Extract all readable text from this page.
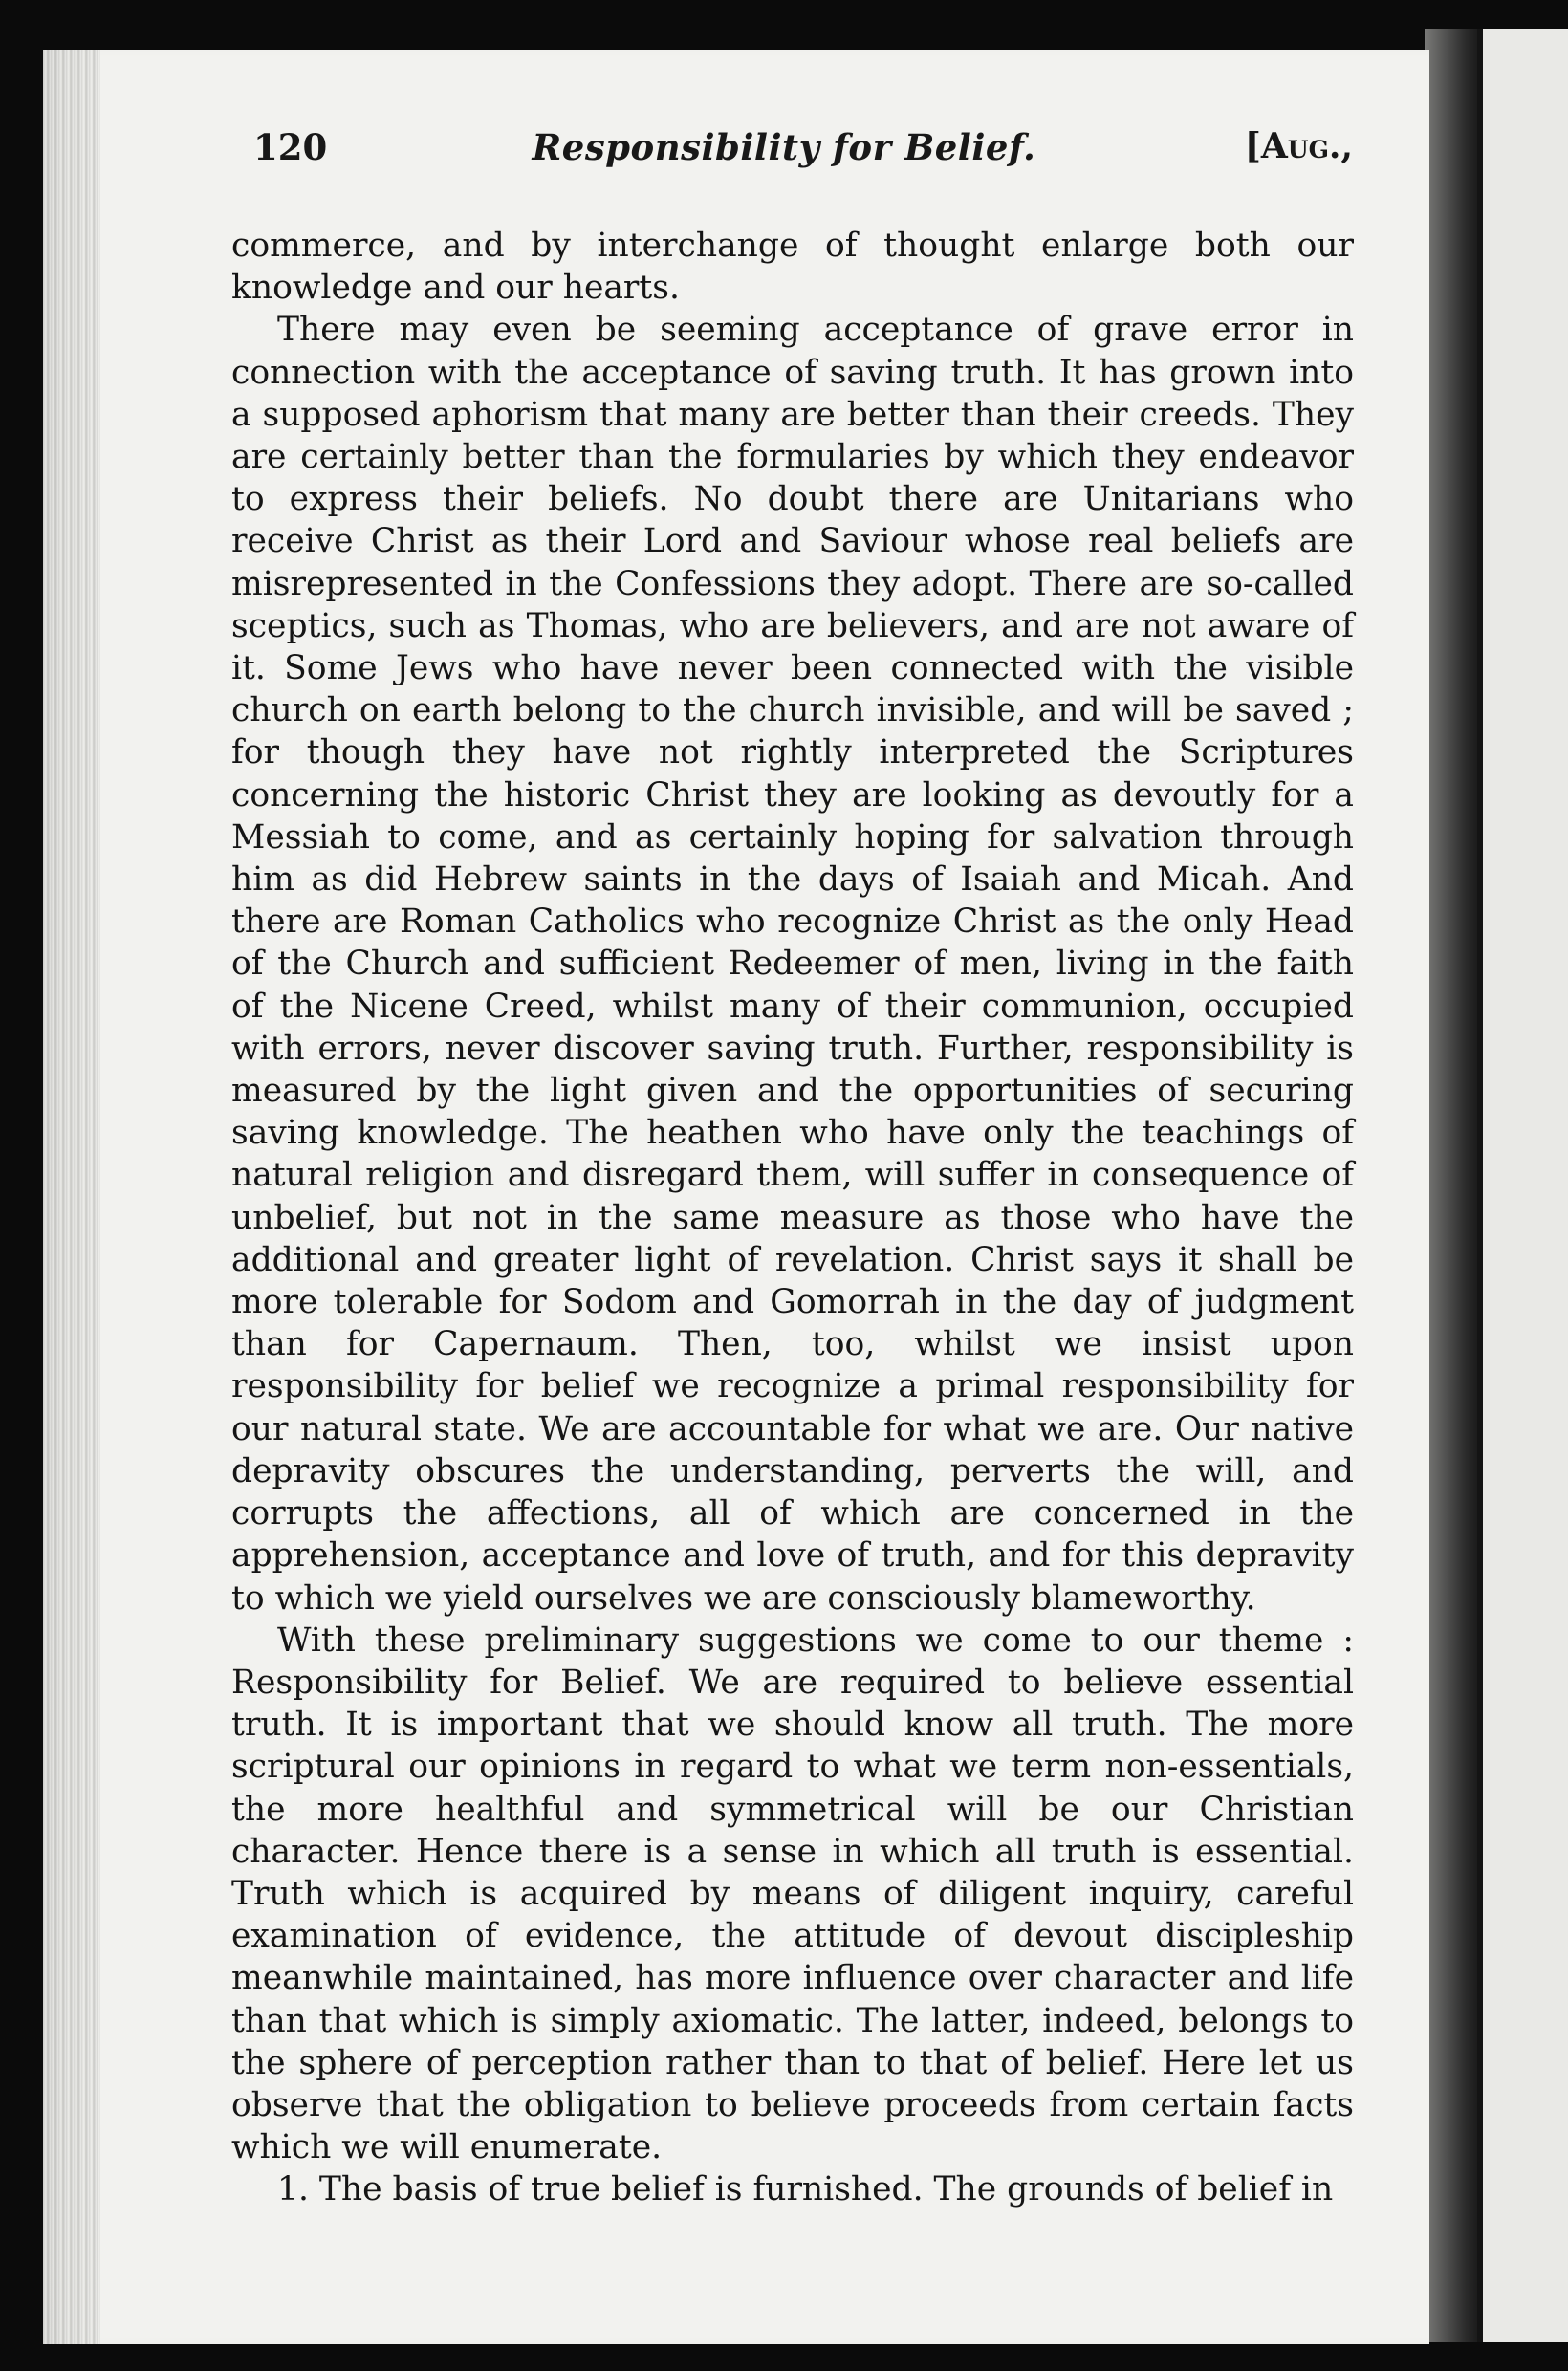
120	Responsibility for Belief.	[Aug.,

commerce, and by interchange of thought enlarge both our knowledge and our hearts.

There may even be seeming acceptance of grave error in connection with the acceptance of saving truth. It has grown into a supposed aphorism that many are better than their creeds. They are certainly better than the formularies by which they endeavor to express their beliefs. No doubt there are Unitarians who receive Christ as their Lord and Saviour whose real beliefs are misrepresented in the Confessions they adopt. There are so-called sceptics, such as Thomas, who are believers, and are not aware of it. Some Jews who have never been connected with the visible church on earth belong to the church invisible, and will be saved ; for though they have not rightly interpreted the Scriptures concerning the historic Christ they are looking as devoutly for a Messiah to come, and as certainly hoping for salvation through him as did Hebrew saints in the days of Isaiah and Micah. And there are Roman Catholics who recognize Christ as the only Head of the Church and sufficient Redeemer of men, living in the faith of the Nicene Creed, whilst many of their communion, occupied with errors, never discover saving truth. Further, responsibility is measured by the light given and the opportunities of securing saving knowledge. The heathen who have only the teachings of natural religion and disregard them, will suffer in consequence of unbelief, but not in the same measure as those who have the additional and greater light of revelation. Christ says it shall be more tolerable for Sodom and Gomorrah in the day of judgment than for Capernaum. Then, too, whilst we insist upon responsibility for belief we recognize a primal responsibility for our natural state. We are accountable for what we are. Our native depravity obscures the understanding, perverts the will, and corrupts the affections, all of which are concerned in the apprehension, acceptance and love of truth, and for this depravity to which we yield ourselves we are consciously blameworthy.

With these preliminary suggestions we come to our theme : Responsibility for Belief. We are required to believe essential truth. It is important that we should know all truth. The more scriptural our opinions in regard to what we term non-essentials, the more healthful and symmetrical will be our Christian character. Hence there is a sense in which all truth is essential. Truth which is acquired by means of diligent inquiry, careful examination of evidence, the attitude of devout discipleship meanwhile maintained, has more influence over character and life than that which is simply axiomatic. The latter, indeed, belongs to the sphere of perception rather than to that of belief. Here let us observe that the obligation to believe proceeds from certain facts which we will enumerate.

1. The basis of true belief is furnished. The grounds of belief in
